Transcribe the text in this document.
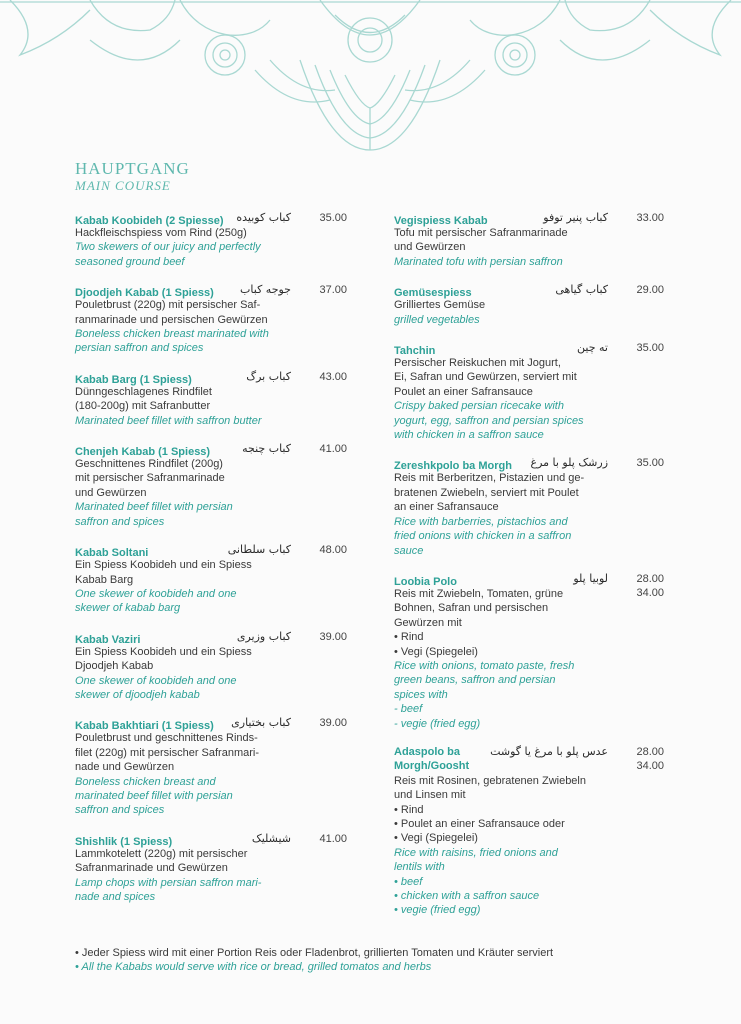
HAUPTGANG
MAIN COURSE
Kabab Koobideh (2 Spiesse) کباب کوبیده	35.00
Hackfleischspiess vom Rind (250g)
Two skewers of our juicy and perfectly
seasoned ground beef
Djoodjeh Kabab (1 Spiess) جوجه کباب	37.00
Pouletbrust (220g) mit persischer Saf-
ranmarinade und persischen Gewürzen
Boneless chicken breast marinated with
persian saffron and spices
Kabab Barg (1 Spiess)	کباب برگ	43.00
Dünngeschlagenes Rindfilet
(180-200g) mit Safranbutter
Marinated beef fillet with saffron butter
Chenjeh Kabab (1 Spiess)	کباب چنجه	41.00
Geschnittenes Rindfilet (200g)
mit persischer Safranmarinade
und Gewürzen
Marinated beef fillet with persian
saffron and spices
Kabab Soltani	کباب سلطانی	48.00
Ein Spiess Koobideh und ein Spiess
Kabab Barg
One skewer of koobideh and one
skewer of kabab barg
Kabab Vaziri	کباب وزیری	39.00
Ein Spiess Koobideh und ein Spiess
Djoodjeh Kabab
One skewer of koobideh and one
skewer of djoodjeh kabab
Kabab Bakhtiari (1 Spiess) کباب بختیاری	39.00
Pouletbrust und geschnittenes Rinds-
filet (220g) mit persischer Safranmari-
nade und Gewürzen
Boneless chicken breast and
marinated beef fillet with persian
saffron and spices
Shishlik (1 Spiess)	شیشلیک	41.00
Lammkotelett (220g) mit persischer
Safranmarinade und Gewürzen
Lamp chops with persian saffron mari-
nade and spices
Vegispiess Kabab	کباب پنیر توفو	33.00
Tofu mit persischer Safranmarinade
und Gewürzen
Marinated tofu with persian saffron
Gemüsespiess	کباب گیاهی	29.00
Grilliertes Gemüse
grilled vegetables
Tahchin	ته چین	35.00
Persischer Reiskuchen mit Jogurt,
Ei, Safran und Gewürzen, serviert mit
Poulet an einer Safransauce
Crispy baked persian ricecake with
yogurt, egg, saffron and persian spices
with chicken in a saffron sauce
Zereshkpolo ba Morgh زرشک پلو با مرغ	35.00
Reis mit Berberitzen, Pistazien und ge-
bratenen Zwiebeln, serviert mit Poulet
an einer Safransauce
Rice with barberries, pistachios and
fried onions with chicken in a saffron
sauce
Loobia Polo	لوبیا پلو	28.00
34.00
Reis mit Zwiebeln, Tomaten, grüne
Bohnen, Safran und persischen
Gewürzen mit
• Rind
• Vegi (Spiegelei)
Rice with onions, tomato paste, fresh
green beans, saffron and persian
spices with
- beef
- vegie (fried egg)
Adaspolo ba
Morgh/Goosht
عدس پلو با مرغ یا گوشت	28.00
34.00
Reis mit Rosinen, gebratenen Zwiebeln
und Linsen mit
• Rind
• Poulet an einer Safransauce oder
• Vegi (Spiegelei)
Rice with raisins, fried onions and
lentils with
• beef
• chicken with a saffron sauce
• vegie (fried egg)
• Jeder Spiess wird mit einer Portion Reis oder Fladenbrot, grillierten Tomaten und Kräuter serviert
• All the Kababs would serve with rice or bread, grilled tomatos and herbs
